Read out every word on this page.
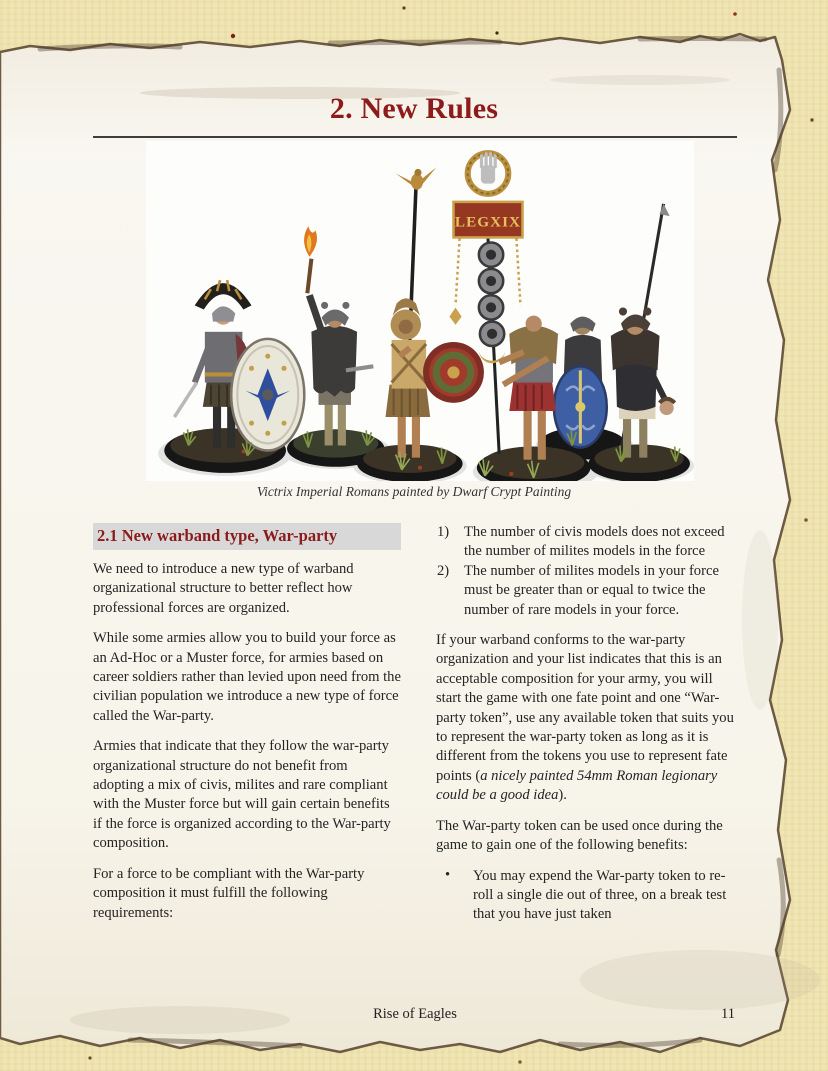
2. New Rules
LEGXIX
Victrix Imperial Romans painted by Dwarf Crypt Painting
2.1 New warband type, War-party

We need to introduce a new type of warband organizational structure to better reflect how professional forces are organized.

While some armies allow you to build your force as an Ad-Hoc or a Muster force, for armies based on career soldiers rather than levied upon need from the civilian population we introduce a new type of force called the War-party.

Armies that indicate that they follow the war-party organizational structure do not benefit from adopting a mix of civis, milites and rare compliant with the Muster force but will gain certain benefits if the force is organized according to the War-party composition.

For a force to be compliant with the War-party composition it must fulfill the following requirements:

1) The number of civis models does not exceed the number of milites models in the force
2) The number of milites models in your force must be greater than or equal to twice the number of rare models in your force.

If your warband conforms to the war-party organization and your list indicates that this is an acceptable composition for your army, you will start the game with one fate point and one “War-party token”, use any available token that suits you to represent the war-party token as long as it is different from the tokens you use to represent fate points (a nicely painted 54mm Roman legionary could be a good idea).

The War-party token can be used once during the game to gain one of the following benefits:

• You may expend the War-party token to re-roll a single die out of three, on a break test that you have just taken
Rise of Eagles	11
